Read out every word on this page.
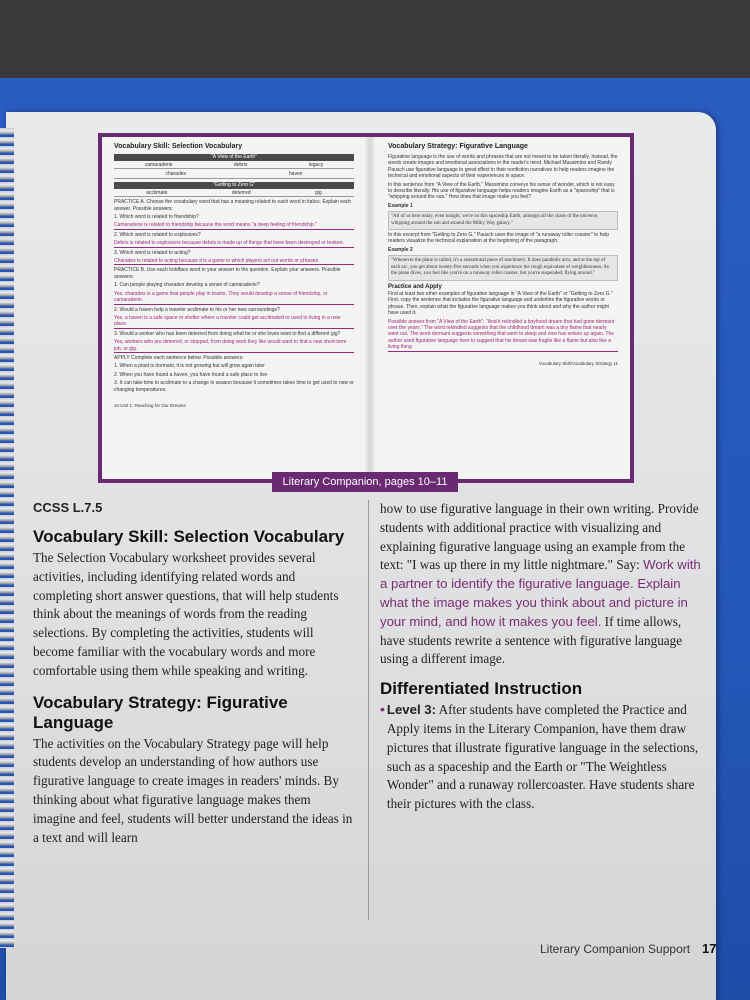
Vocabulary Skill: Selection Vocabulary
"A View of the Earth"
camaraderie	debris	legacy
charades	haven
"Getting to Zero G"
acclimate	deterred	gig

PRACTICE A. Choose the vocabulary word that has a meaning related to each word in italics. Explain each answer. Possible answers:

1. Which word is related to friendship?

Camaraderie is related to friendship because the word means "a deep feeling of friendship."

2. Which word is related to explosions?

Debris is related to explosions because debris is made up of things that have been destroyed or broken.

3. Which word is related to acting?

Charades is related to acting because it is a game in which players act out words or phrases.

PRACTICE B. Use each boldface word in your answer to the question. Explain your answers. Possible answers:

1. Can people playing charades develop a sense of camaraderie?

Yes, charades is a game that people play in teams. They would develop a sense of friendship, or camaraderie.

2. Would a haven help a traveler acclimate to his or her new surroundings?

Yes, a haven is a safe space or shelter where a traveler could get acclimated or used to living in a new place.

3. Would a worker who has been deterred from doing what he or she loves want to find a different gig?

Yes, workers who are deterred, or stopped, from doing work they like would want to find a new short-term job, or gig.

APPLY Complete each sentence below. Possible answers:

1. When a plant is dormant, it is not growing but will grow again later

2. When you have found a haven, you have found a safe place to live

3. It can take time to acclimate to a change in season because it sometimes takes time to get used to new or changing temperatures.

10 Unit 1: Reaching for Our Dreams
Vocabulary Strategy: Figurative Language

Figurative language is the use of words and phrases that are not meant to be taken literally. Instead, the words create images and emotional associations in the reader's mind. Michael Massimino and Randy Pausch use figurative language to great effect in their nonfiction narratives to help readers imagine the technical and emotional aspects of their experiences in space.

In this sentence from "A View of the Earth," Massimino conveys his sense of wonder, which is not easy to describe literally. His use of figurative language helps readers imagine Earth as a "spaceship" that is "whipping around the sun." How does that image make you feel?

Example 1
"All of us here today, even tonight, we're on this spaceship Earth, amongst all the chaos of the universe, whipping around the sun and around the Milky Way galaxy."

In this excerpt from "Getting to Zero G," Pausch uses the image of "a runaway roller coaster" to help readers visualize the technical explanation at the beginning of the paragraph.

Example 2
"Whenever the plane is called, it's a sensational piece of machinery. It does parabolic arcs, and at the top of each arc, you get about twenty-five seconds when you experience the rough equivalent of weightlessness. As the plane dives, you feel like you're on a runaway roller coaster, but you're suspended, flying around."
Practice and Apply

Find at least two other examples of figurative language in "A View of the Earth" or "Getting to Zero G." First, copy the sentence that includes the figurative language and underline the figurative words or phrase. Then, explain what the figurative language makes you think about and why the author might have used it.

Possible answer from "A View of the Earth": "And it rekindled a boyhood dream that had gone dormant over the years." The word rekindled suggests that the childhood dream was a tiny flame that nearly went out. The word dormant suggests something that went to sleep and now has woken up again. The author used figurative language here to suggest that his dream was fragile like a flame but also like a living thing.

Vocabulary Skill/Vocabulary Strategy 11
Literary Companion, pages 10–11
CCSS L.7.5
Vocabulary Skill: Selection Vocabulary

The Selection Vocabulary worksheet provides several activities, including identifying related words and completing short answer questions, that will help students think about the meanings of words from the reading selections. By completing the activities, students will become familiar with the vocabulary words and more comfortable using them while speaking and writing.

Vocabulary Strategy: Figurative Language

The activities on the Vocabulary Strategy page will help students develop an understanding of how authors use figurative language to create images in readers' minds. By thinking about what figurative language makes them imagine and feel, students will better understand the ideas in a text and will learn

how to use figurative language in their own writing. Provide students with additional practice with visualizing and explaining figurative language using an example from the text: "I was up there in my little nightmare." Say: Work with a partner to identify the figurative language. Explain what the image makes you think about and picture in your mind, and how it makes you feel. If time allows, have students rewrite a sentence with figurative language using a different image.

Differentiated Instruction
• Level 3: After students have completed the Practice and Apply items in the Literary Companion, have them draw pictures that illustrate figurative language in the selections, such as a spaceship and the Earth or "The Weightless Wonder" and a runaway rollercoaster. Have students share their pictures with the class.

Literary Companion Support 17
